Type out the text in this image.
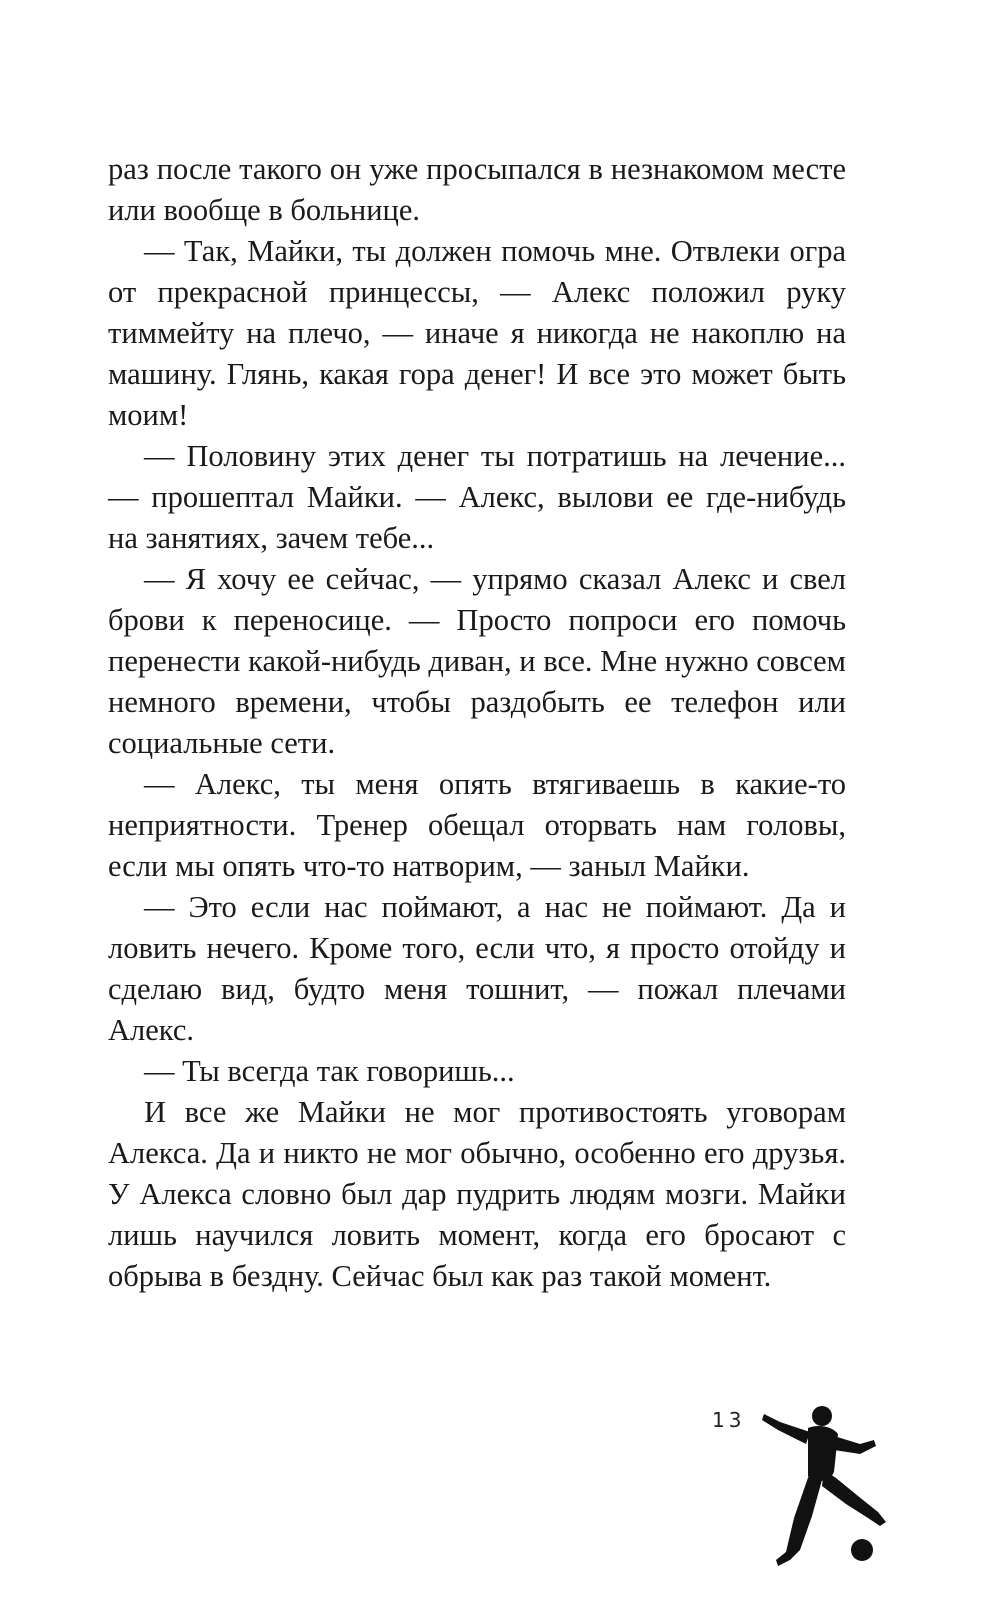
раз после такого он уже просыпался в незнакомом месте или вообще в больнице.

— Так, Майки, ты должен помочь мне. Отвлеки огра от прекрасной принцессы, — Алекс положил руку тиммейту на плечо, — иначе я никогда не накоплю на машину. Глянь, какая гора денег! И все это может быть моим!

— Половину этих денег ты потратишь на лечение... — прошептал Майки. — Алекс, вылови ее где-нибудь на занятиях, зачем тебе...

— Я хочу ее сейчас, — упрямо сказал Алекс и свел брови к переносице. — Просто попроси его помочь перенести какой-нибудь диван, и все. Мне нужно совсем немного времени, чтобы раздобыть ее телефон или социальные сети.

— Алекс, ты меня опять втягиваешь в какие-то неприятности. Тренер обещал оторвать нам головы, если мы опять что-то натворим, — заныл Майки.

— Это если нас поймают, а нас не поймают. Да и ловить нечего. Кроме того, если что, я просто отойду и сделаю вид, будто меня тошнит, — пожал плечами Алекс.

— Ты всегда так говоришь...

И все же Майки не мог противостоять уговорам Алекса. Да и никто не мог обычно, особенно его друзья. У Алекса словно был дар пудрить людям мозги. Майки лишь научился ловить момент, когда его бросают с обрыва в бездну. Сейчас был как раз такой момент.

13
